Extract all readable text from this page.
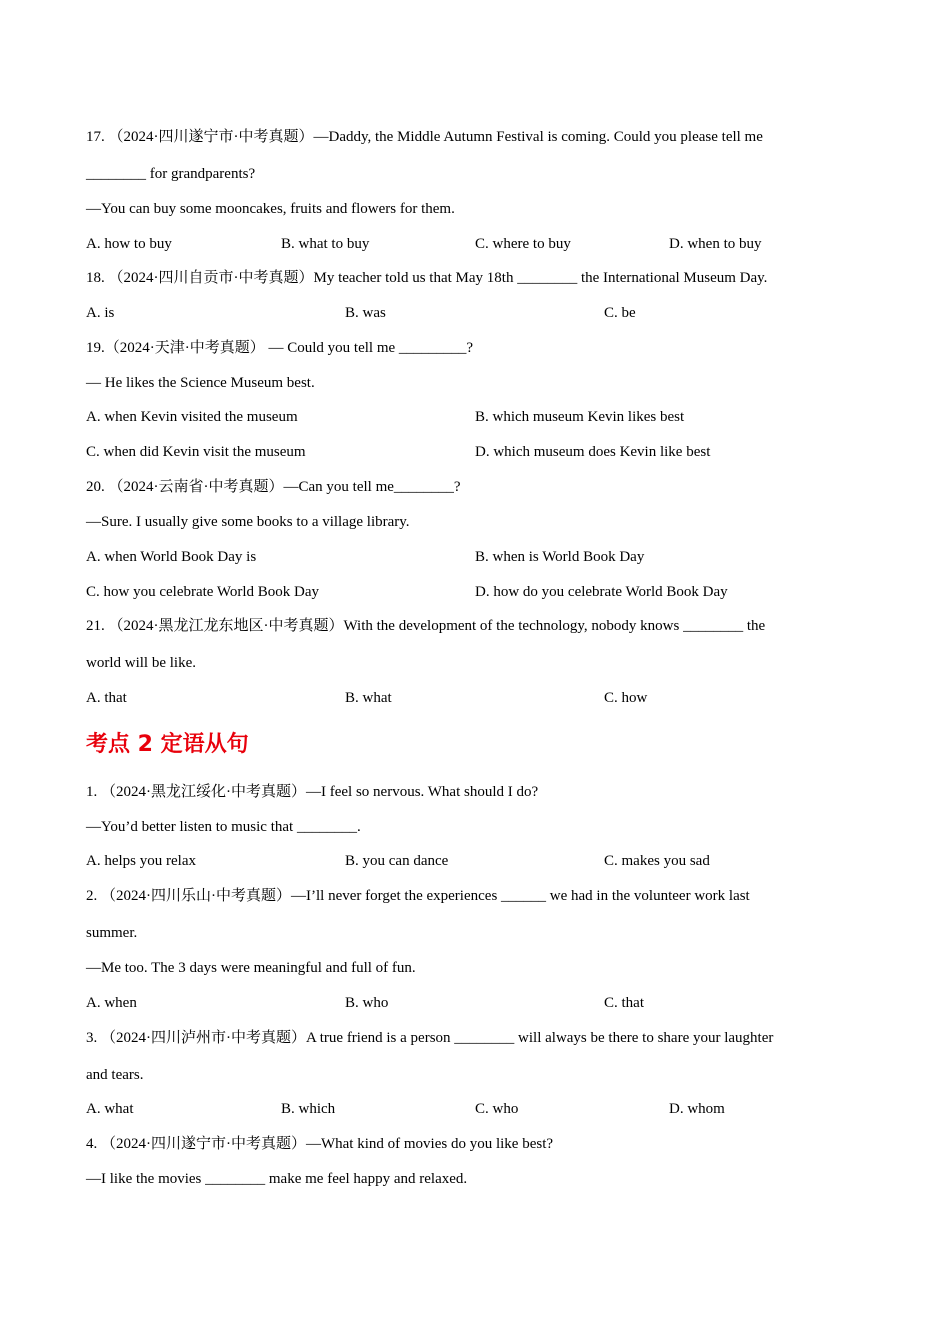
17. （2024·四川遂宁市·中考真题）—Daddy, the Middle Autumn Festival is coming. Could you please tell me
________ for grandparents?
—You can buy some mooncakes, fruits and flowers for them.
A. how to buy	B. what to buy	C. where to buy	D. when to buy
18. （2024·四川自贡市·中考真题）My teacher told us that May 18th ________ the International Museum Day.
A. is	B. was	C. be
19.（2024·天津·中考真题） — Could you tell me _________?
— He likes the Science Museum best.
A. when Kevin visited the museum	B. which museum Kevin likes best
C. when did Kevin visit the museum	D. which museum does Kevin like best
20. （2024·云南省·中考真题）—Can you tell me________?
—Sure. I usually give some books to a village library.
A. when World Book Day is	B. when is World Book Day
C. how you celebrate World Book Day	D. how do you celebrate World Book Day
21. （2024·黑龙江龙东地区·中考真题）With the development of the technology, nobody knows ________ the
world will be like.
A. that	B. what	C. how
考点 2 定语从句
1. （2024·黑龙江绥化·中考真题）—I feel so nervous. What should I do?
—You’d better listen to music that ________.
A. helps you relax	B. you can dance	C. makes you sad
2. （2024·四川乐山·中考真题）—I’ll never forget the experiences ______ we had in the volunteer work last
summer.
—Me too. The 3 days were meaningful and full of fun.
A. when	B. who	C. that
3. （2024·四川泸州市·中考真题）A true friend is a person ________ will always be there to share your laughter
and tears.
A. what	B. which	C. who	D. whom
4. （2024·四川遂宁市·中考真题）—What kind of movies do you like best?
—I like the movies ________ make me feel happy and relaxed.
